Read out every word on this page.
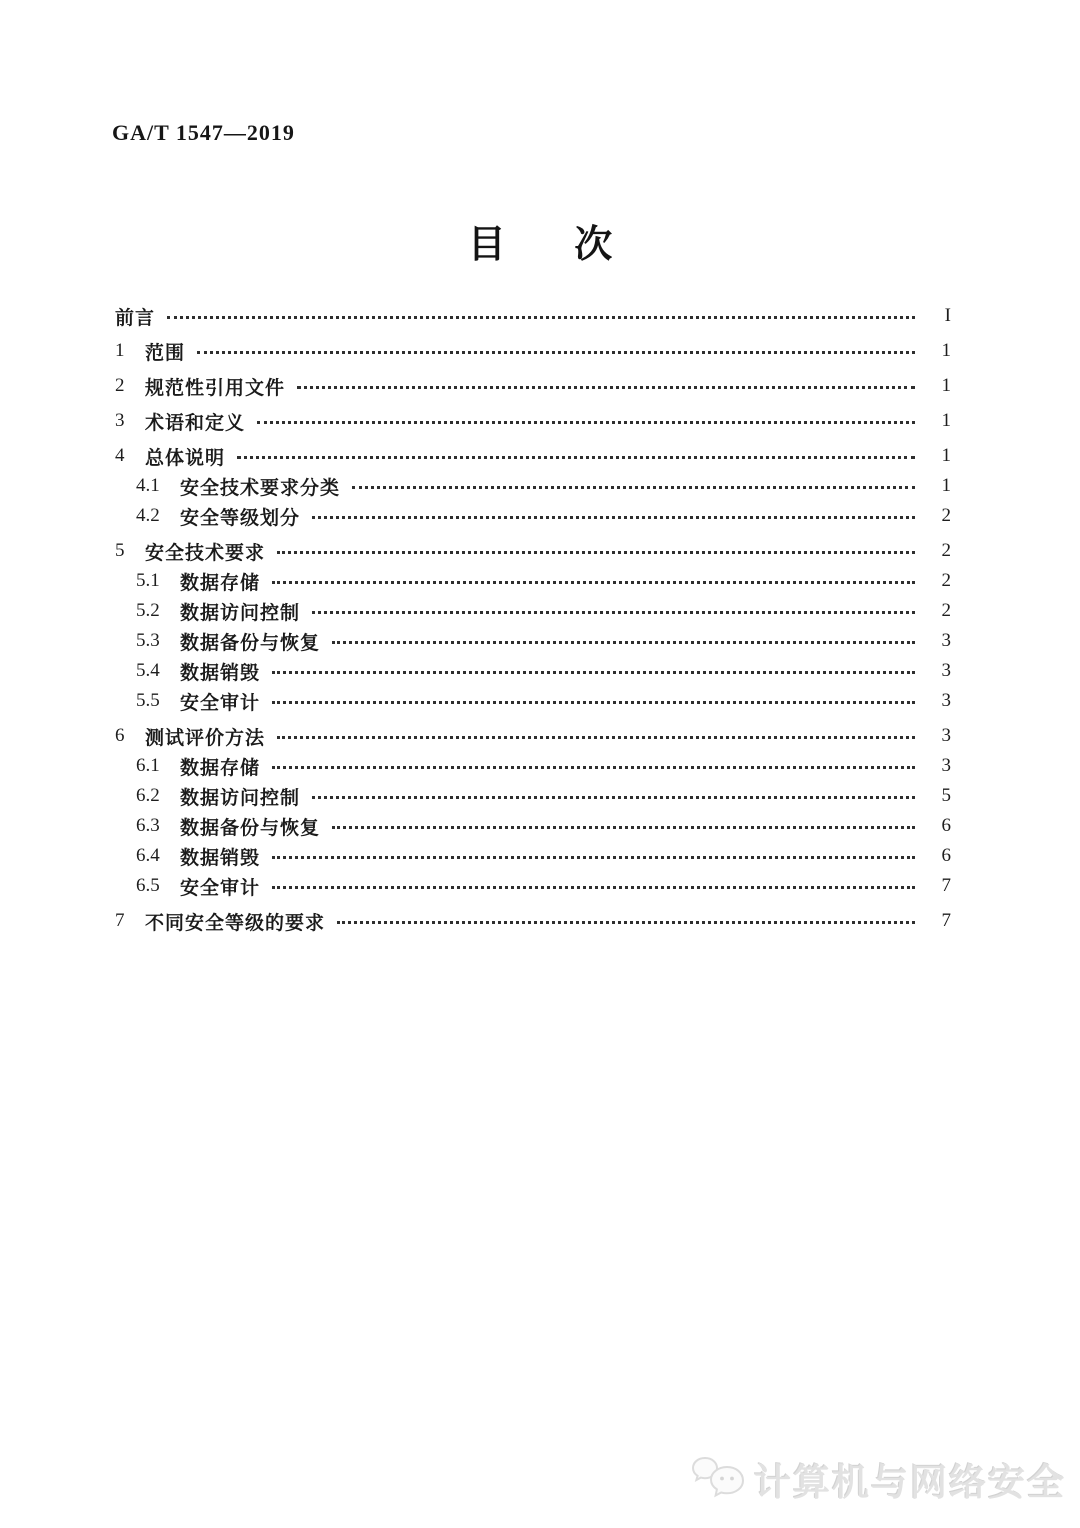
GA/T 1547—2019
目 次
前言	I
1	范围	1
2	规范性引用文件	1
3	术语和定义	1
4	总体说明	1
4.1	安全技术要求分类	1
4.2	安全等级划分	2
5	安全技术要求	2
5.1	数据存储	2
5.2	数据访问控制	2
5.3	数据备份与恢复	3
5.4	数据销毁	3
5.5	安全审计	3
6	测试评价方法	3
6.1	数据存储	3
6.2	数据访问控制	5
6.3	数据备份与恢复	6
6.4	数据销毁	6
6.5	安全审计	7
7	不同安全等级的要求	7
计算机与网络安全
